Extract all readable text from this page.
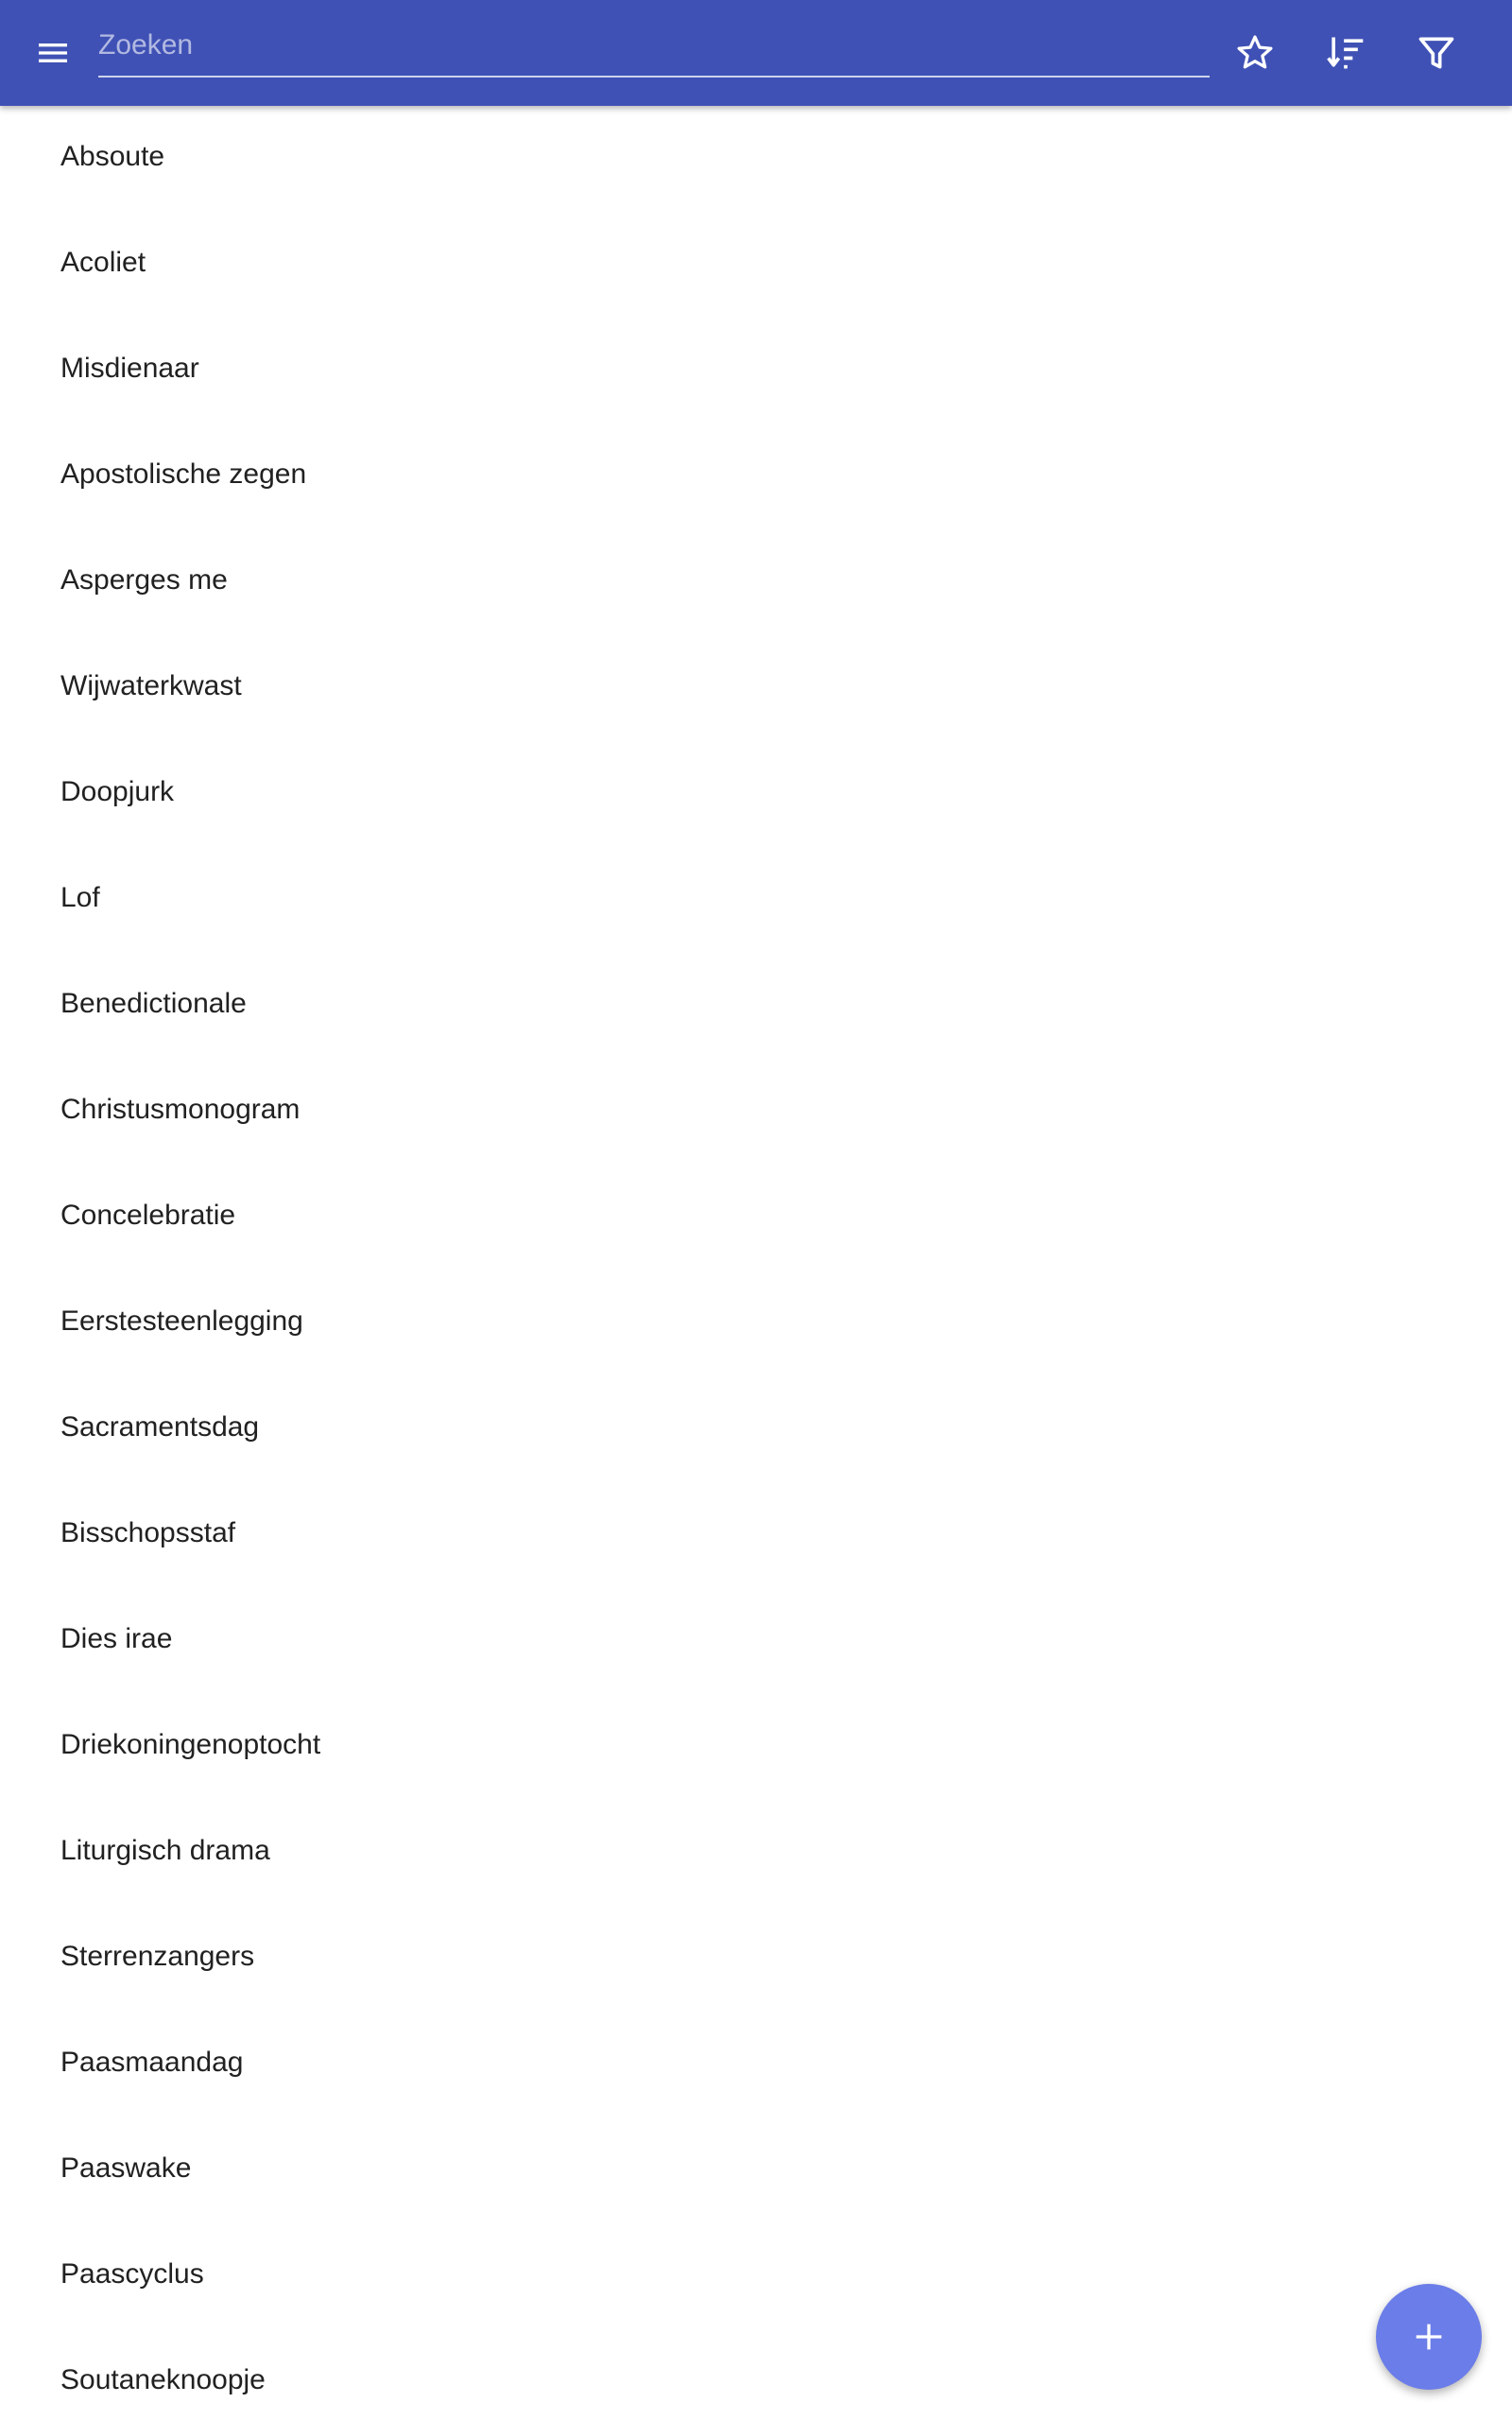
Zoeken
Absoute
Acoliet
Misdienaar
Apostolische zegen
Asperges me
Wijwaterkwast
Doopjurk
Lof
Benedictionale
Christusmonogram
Concelebratie
Eerstesteenlegging
Sacramentsdag
Bisschopsstaf
Dies irae
Driekoningenoptocht
Liturgisch drama
Sterrenzangers
Paasmaandag
Paaswake
Paascyclus
Soutaneknoopje
